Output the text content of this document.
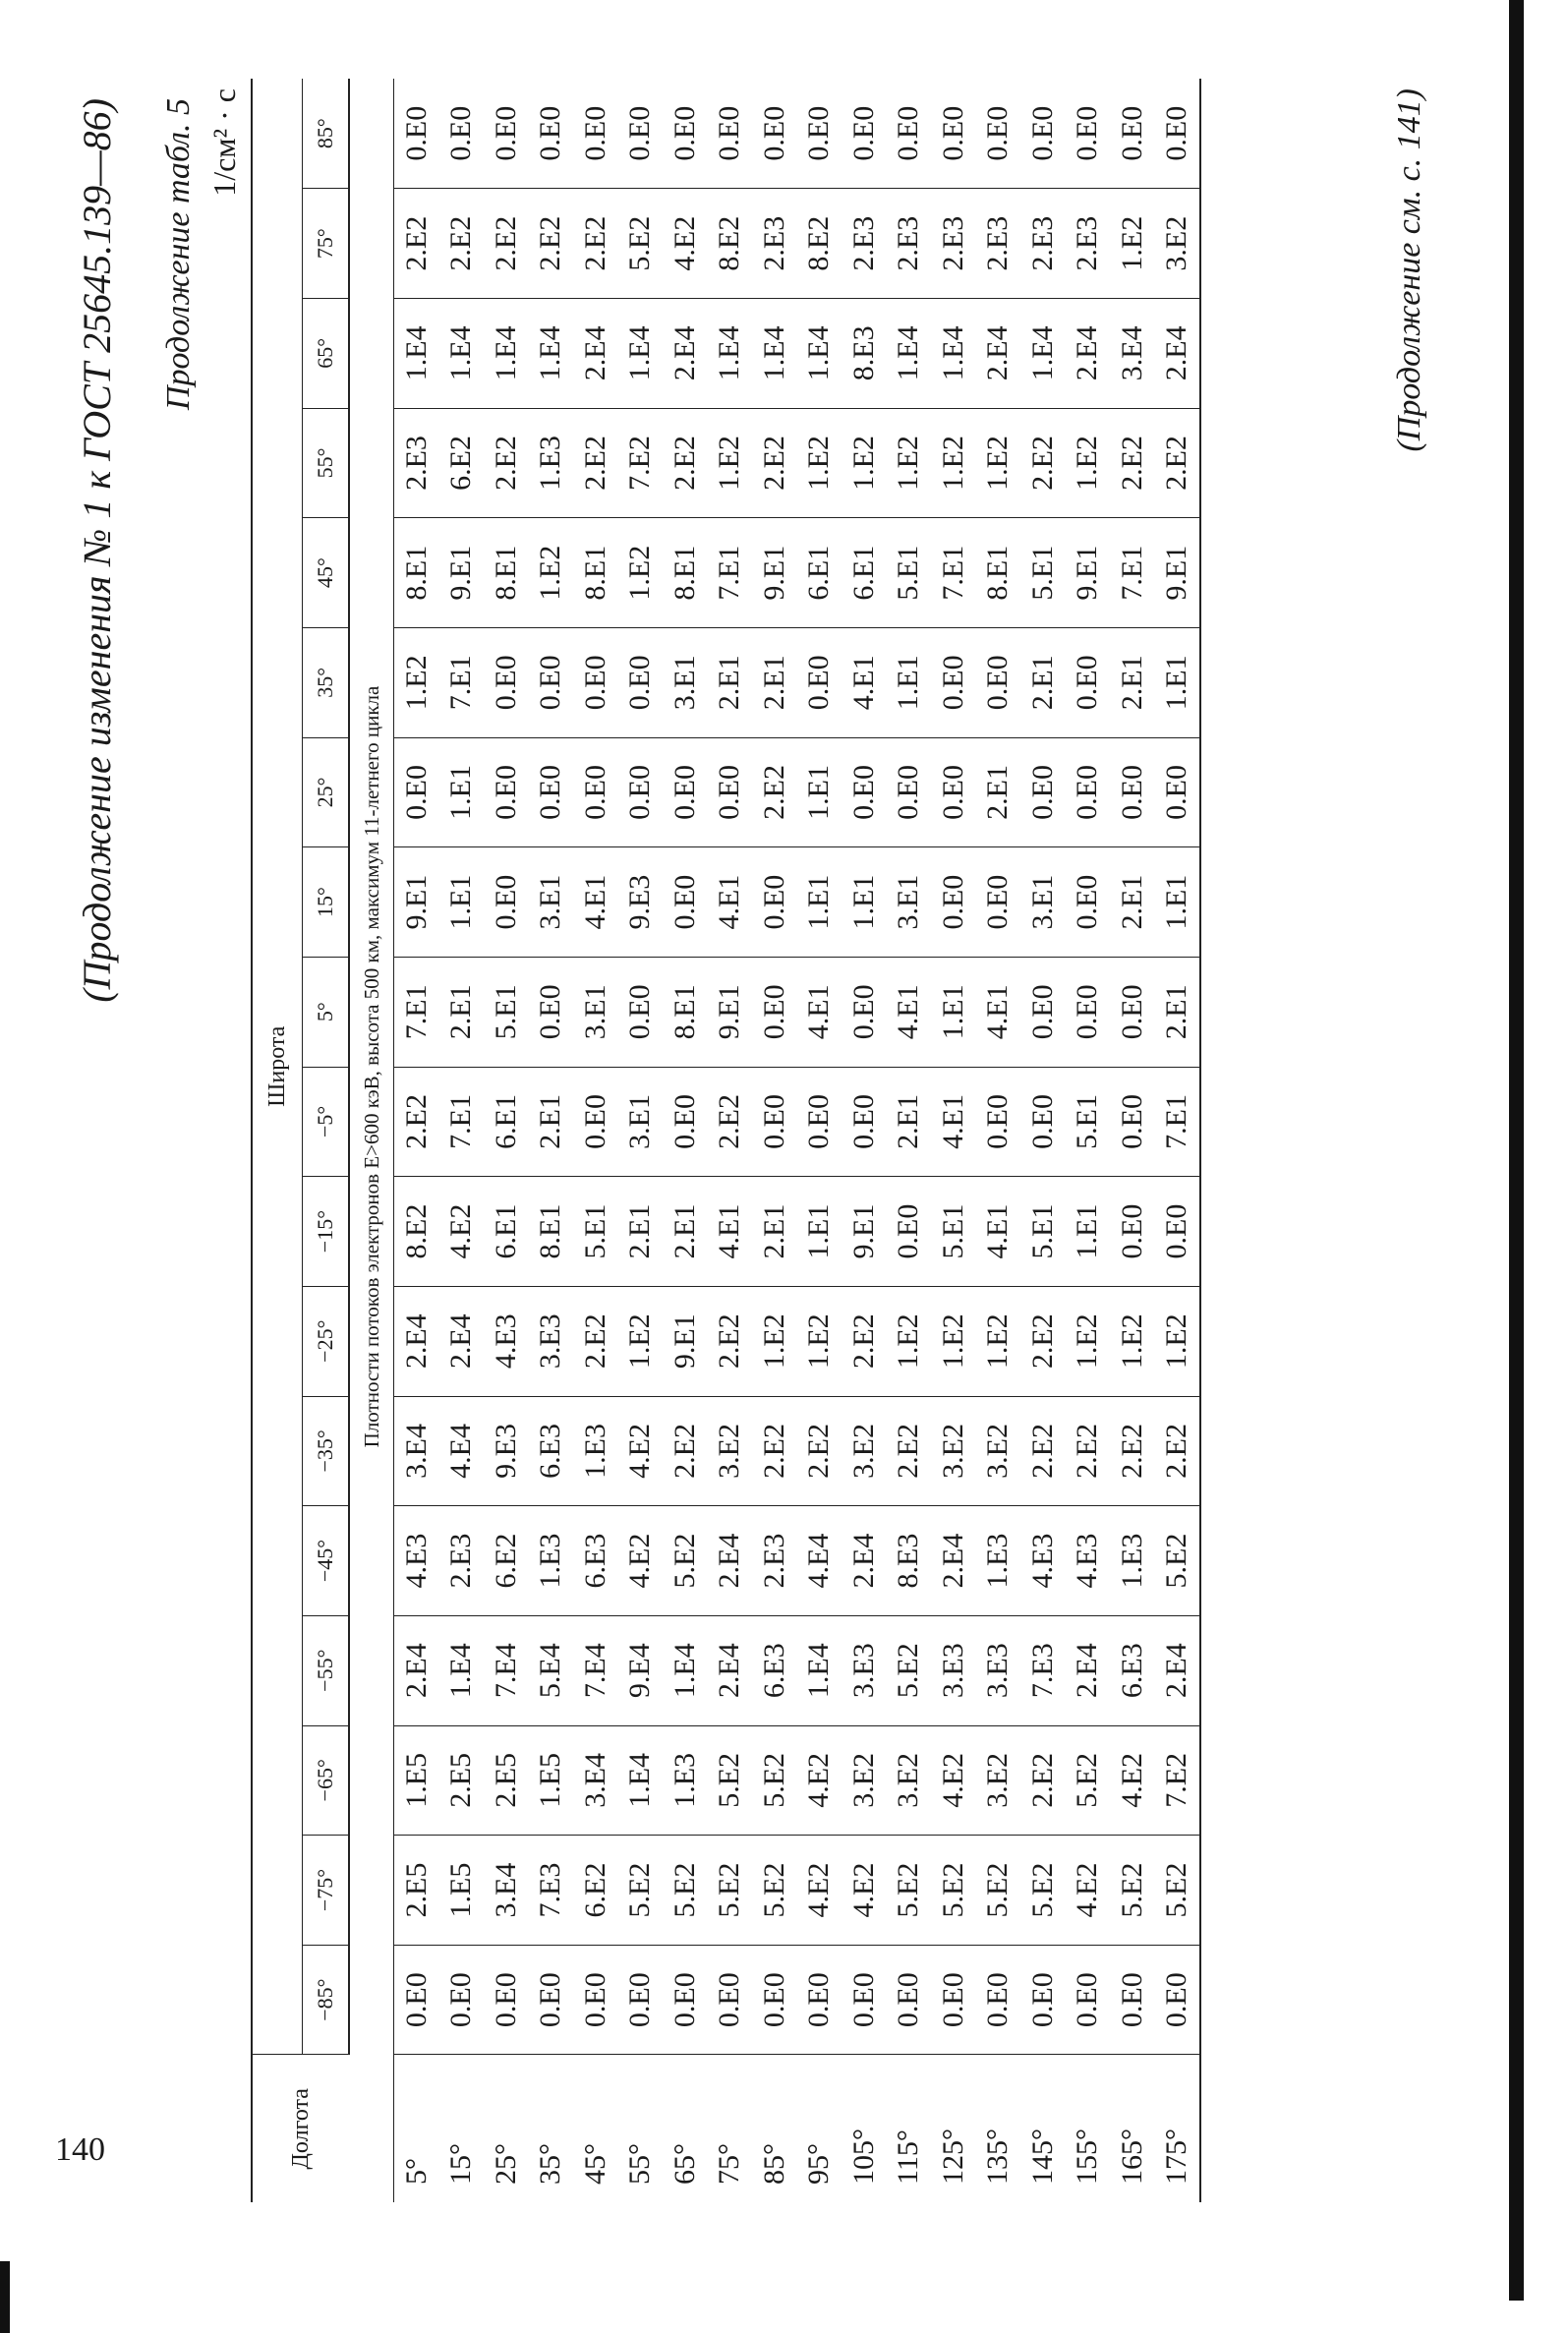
140
(Продолжение изменения № 1 к ГОСТ 25645.139—86) Продолжение табл. 5 1/см² · с
Долгота	Широта																	
	−85°	−75°	−65°	−55°	−45°	−35°	−25°	−15°	−5°	5°	15°	25°	35°	45°	55°	65°	75°	85°
	Плотности потоков электронов E>600 кэВ, высота 500 км, максимум 11-летнего цикла																	
5°	0.E0	2.E5	1.E5	2.E4	4.E3	3.E4	2.E4	8.E2	2.E2	7.E1	9.E1	0.E0	1.E2	8.E1	2.E3	1.E4	2.E2	0.E0
15°	0.E0	1.E5	2.E5	1.E4	2.E3	4.E4	2.E4	4.E2	7.E1	2.E1	1.E1	1.E1	7.E1	9.E1	6.E2	1.E4	2.E2	0.E0
25°	0.E0	3.E4	2.E5	7.E4	6.E2	9.E3	4.E3	6.E1	6.E1	5.E1	0.E0	0.E0	0.E0	8.E1	2.E2	1.E4	2.E2	0.E0
35°	0.E0	7.E3	1.E5	5.E4	1.E3	6.E3	3.E3	8.E1	2.E1	0.E0	3.E1	0.E0	0.E0	1.E2	1.E3	1.E4	2.E2	0.E0
45°	0.E0	6.E2	3.E4	7.E4	6.E3	1.E3	2.E2	5.E1	0.E0	3.E1	4.E1	0.E0	0.E0	8.E1	2.E2	2.E4	2.E2	0.E0
55°	0.E0	5.E2	1.E4	9.E4	4.E2	4.E2	1.E2	2.E1	3.E1	0.E0	9.E3	0.E0	0.E0	1.E2	7.E2	1.E4	5.E2	0.E0
65°	0.E0	5.E2	1.E3	1.E4	5.E2	2.E2	9.E1	2.E1	0.E0	8.E1	0.E0	0.E0	3.E1	8.E1	2.E2	2.E4	4.E2	0.E0
75°	0.E0	5.E2	5.E2	2.E4	2.E4	3.E2	2.E2	4.E1	2.E2	9.E1	4.E1	0.E0	2.E1	7.E1	1.E2	1.E4	8.E2	0.E0
85°	0.E0	5.E2	5.E2	6.E3	2.E3	2.E2	1.E2	2.E1	0.E0	0.E0	0.E0	2.E2	2.E1	9.E1	2.E2	1.E4	2.E3	0.E0
95°	0.E0	4.E2	4.E2	1.E4	4.E4	2.E2	1.E2	1.E1	0.E0	4.E1	1.E1	1.E1	0.E0	6.E1	1.E2	1.E4	8.E2	0.E0
105°	0.E0	4.E2	3.E2	3.E3	2.E4	3.E2	2.E2	9.E1	0.E0	0.E0	1.E1	0.E0	4.E1	6.E1	1.E2	8.E3	2.E3	0.E0
115°	0.E0	5.E2	3.E2	5.E2	8.E3	2.E2	1.E2	0.E0	2.E1	4.E1	3.E1	0.E0	1.E1	5.E1	1.E2	1.E4	2.E3	0.E0
125°	0.E0	5.E2	4.E2	3.E3	2.E4	3.E2	1.E2	5.E1	4.E1	1.E1	0.E0	0.E0	0.E0	7.E1	1.E2	1.E4	2.E3	0.E0
135°	0.E0	5.E2	3.E2	3.E3	1.E3	3.E2	1.E2	4.E1	0.E0	4.E1	0.E0	2.E1	0.E0	8.E1	1.E2	2.E4	2.E3	0.E0
145°	0.E0	5.E2	2.E2	7.E3	4.E3	2.E2	2.E2	5.E1	0.E0	0.E0	3.E1	0.E0	2.E1	5.E1	2.E2	1.E4	2.E3	0.E0
155°	0.E0	4.E2	5.E2	2.E4	4.E3	2.E2	1.E2	1.E1	5.E1	0.E0	0.E0	0.E0	0.E0	9.E1	1.E2	2.E4	2.E3	0.E0
165°	0.E0	5.E2	4.E2	6.E3	1.E3	2.E2	1.E2	0.E0	0.E0	0.E0	2.E1	0.E0	2.E1	7.E1	2.E2	3.E4	1.E2	0.E0
175°	0.E0	5.E2	7.E2	2.E4	5.E2	2.E2	1.E2	0.E0	7.E1	2.E1	1.E1	0.E0	1.E1	9.E1	2.E2	2.E4	3.E2	0.E0	(Продолжение см. с. 141)
